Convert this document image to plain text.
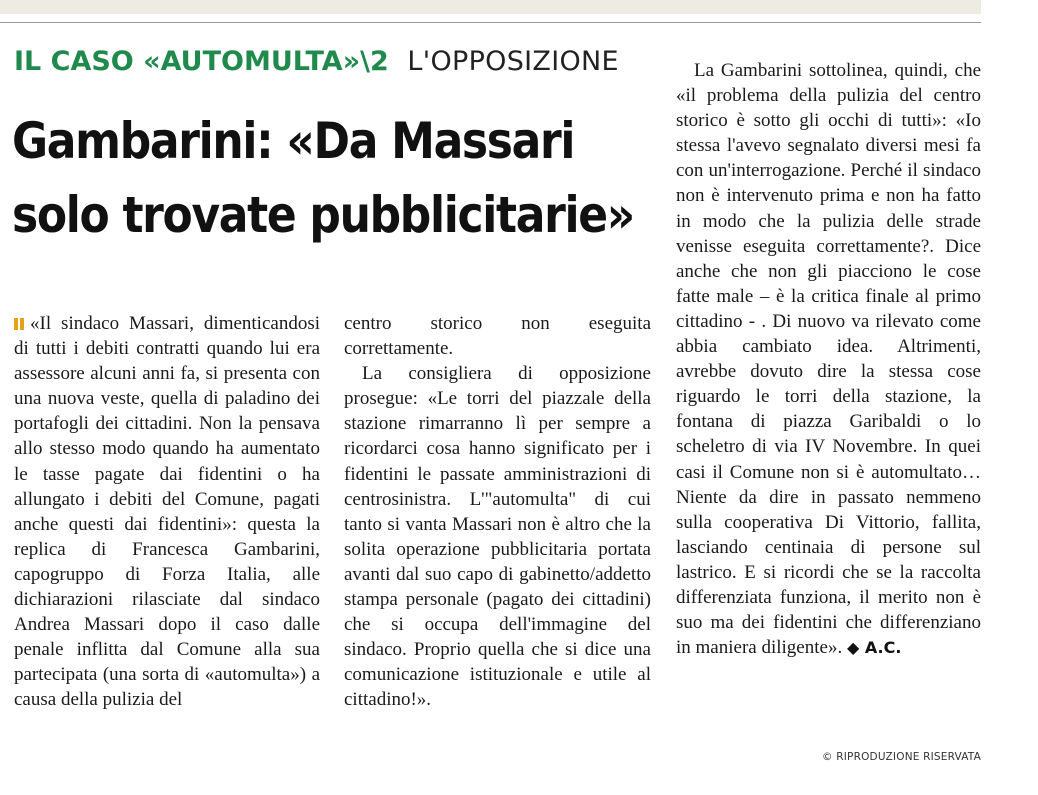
IL CASO «AUTOMULTA»\2 L'OPPOSIZIONE
Gambarini: «Da Massari
solo trovate pubblicitarie»

«Il sindaco Massari, dimenticandosi di tutti i debiti contratti quando lui era assessore alcuni anni fa, si presenta con una nuova veste, quella di paladino dei portafogli dei cittadini. Non la pensava allo stesso modo quando ha aumentato le tasse pagate dai fidentini o ha allungato i debiti del Comune, pagati anche questi dai fidentini»: questa la replica di Francesca Gambarini, capogruppo di Forza Italia, alle dichiarazioni rilasciate dal sindaco Andrea Massari dopo il caso dalle penale inflitta dal Comune alla sua partecipata (una sorta di «automulta») a causa della pulizia del

centro storico non eseguita correttamente.

La consigliera di opposizione prosegue: «Le torri del piazzale della stazione rimarranno lì per sempre a ricordarci cosa hanno significato per i fidentini le passate amministrazioni di centrosinistra. L'"automulta" di cui tanto si vanta Massari non è altro che la solita operazione pubblicitaria portata avanti dal suo capo di gabinetto/addetto stampa personale (pagato dei cittadini) che si occupa dell'immagine del sindaco. Proprio quella che si dice una comunicazione istituzionale e utile al cittadino!».

La Gambarini sottolinea, quindi, che «il problema della pulizia del centro storico è sotto gli occhi di tutti»: «Io stessa l'avevo segnalato diversi mesi fa con un'interrogazione. Perché il sindaco non è intervenuto prima e non ha fatto in modo che la pulizia delle strade venisse eseguita correttamente?. Dice anche che non gli piacciono le cose fatte male – è la critica finale al primo cittadino - . Di nuovo va rilevato come abbia cambiato idea. Altrimenti, avrebbe dovuto dire la stessa cose riguardo le torri della stazione, la fontana di piazza Garibaldi o lo scheletro di via IV Novembre. In quei casi il Comune non si è automultato… Niente da dire in passato nemmeno sulla cooperativa Di Vittorio, fallita, lasciando centinaia di persone sul lastrico. E si ricordi che se la raccolta differenziata funziona, il merito non è suo ma dei fidentini che differenziano in maniera diligente». ◆ A.C.

© RIPRODUZIONE RISERVATA
